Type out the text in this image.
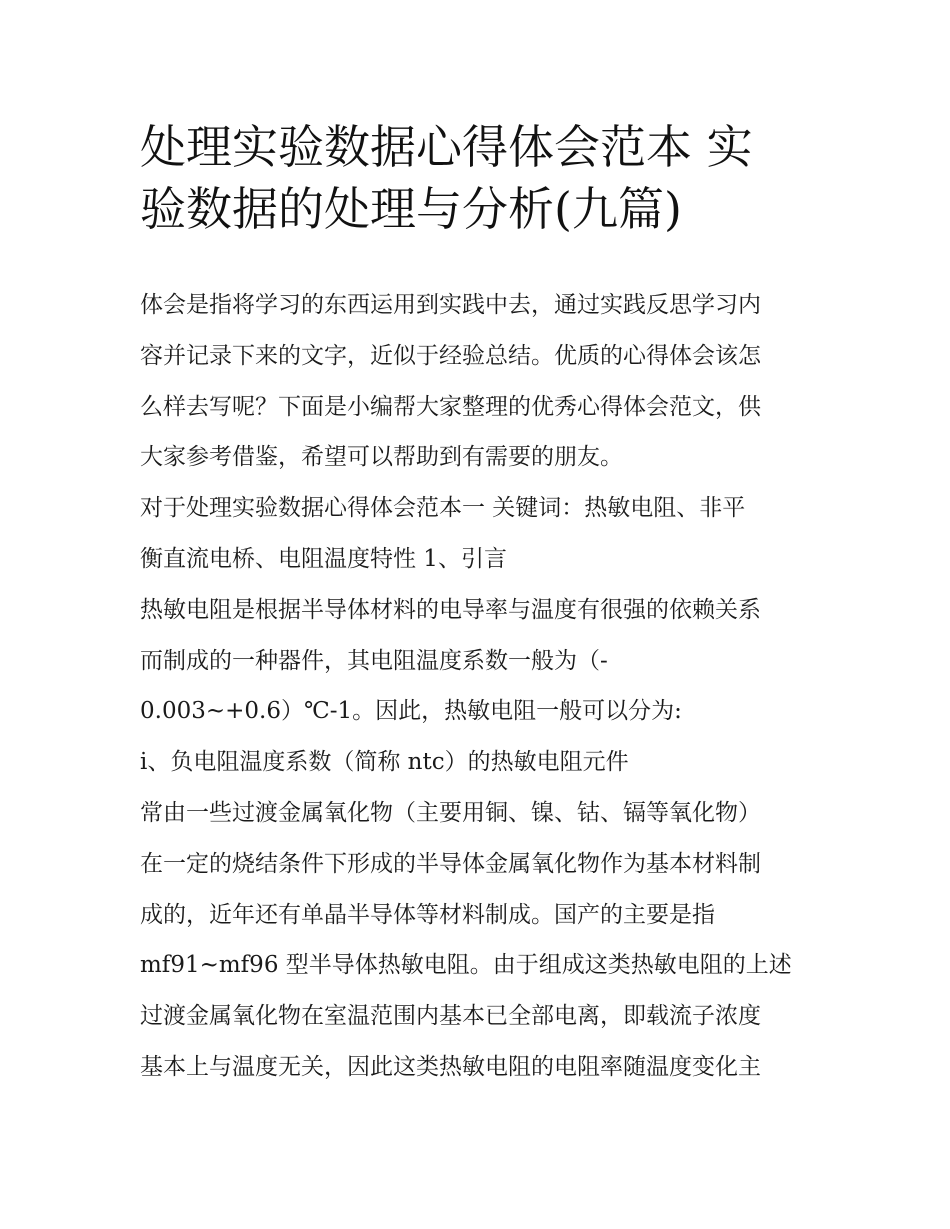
处理实验数据心得体会范本 实
验数据的处理与分析(九篇)
体会是指将学习的东西运用到实践中去，通过实践反思学习内
容并记录下来的文字，近似于经验总结。优质的心得体会该怎
么样去写呢？下面是小编帮大家整理的优秀心得体会范文，供
大家参考借鉴，希望可以帮助到有需要的朋友。
对于处理实验数据心得体会范本一 关键词：热敏电阻、非平
衡直流电桥、电阻温度特性 1、引言
热敏电阻是根据半导体材料的电导率与温度有很强的依赖关系
而制成的一种器件，其电阻温度系数一般为（-
0.003~+0.6）℃-1。因此，热敏电阻一般可以分为:
i、负电阻温度系数（简称 ntc）的热敏电阻元件
常由一些过渡金属氧化物（主要用铜、镍、钴、镉等氧化物）
在一定的烧结条件下形成的半导体金属氧化物作为基本材料制
成的，近年还有单晶半导体等材料制成。国产的主要是指
mf91~mf96 型半导体热敏电阻。由于组成这类热敏电阻的上述
过渡金属氧化物在室温范围内基本已全部电离，即载流子浓度
基本上与温度无关，因此这类热敏电阻的电阻率随温度变化主
